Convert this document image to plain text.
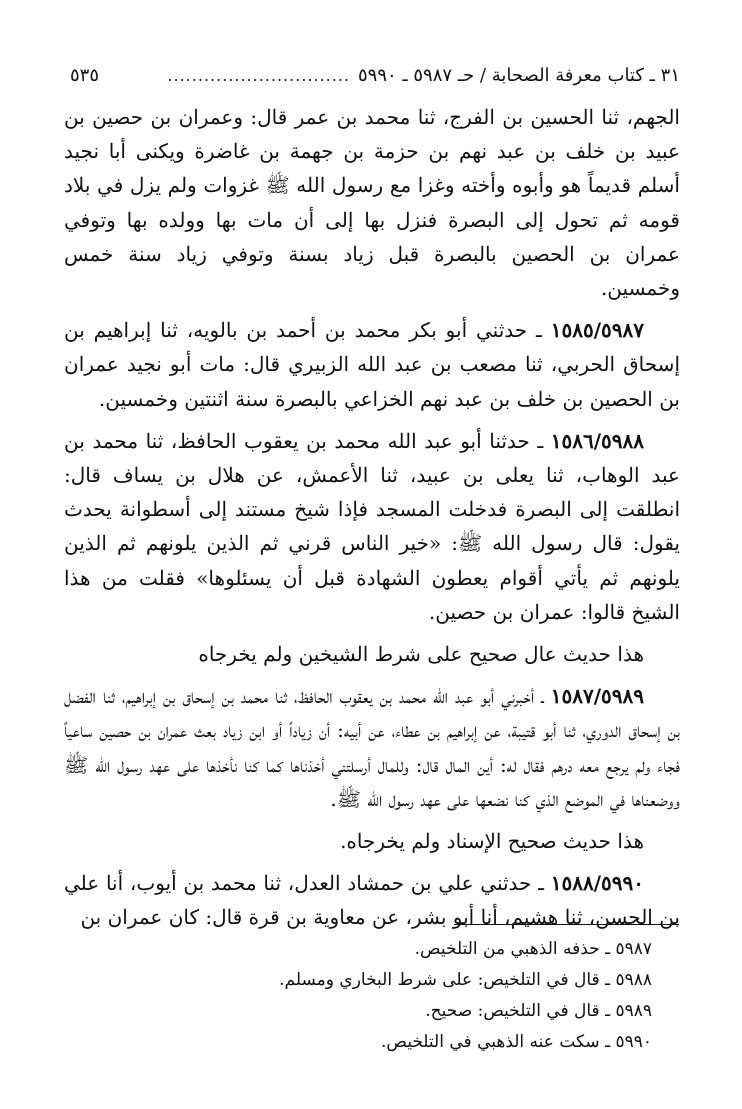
٣١ ـ كتاب معرفة الصحابة / حـ ٥٩٨٧ ـ ٥٩٩٠
..............................
٥٣٥

الجهم، ثنا الحسين بن الفرج، ثنا محمد بن عمر قال: وعمران بن حصين بن عبيد بن خلف بن عبد نهم بن حزمة بن جهمة بن غاضرة ويكنى أبا نجيد أسلم قديماً هو وأبوه وأخته وغزا مع رسول الله ﷺ غزوات ولم يزل في بلاد قومه ثم تحول إلى البصرة فنزل بها إلى أن مات بها وولده بها وتوفي عمران بن الحصين بالبصرة قبل زياد بسنة وتوفي زياد سنة خمس وخمسين.

١٥٨٥/٥٩٨٧ ـ حدثني أبو بكر محمد بن أحمد بن بالويه، ثنا إبراهيم بن إسحاق الحربي، ثنا مصعب بن عبد الله الزبيري قال: مات أبو نجيد عمران بن الحصين بن خلف بن عبد نهم الخزاعي بالبصرة سنة اثنتين وخمسين.

١٥٨٦/٥٩٨٨ ـ حدثنا أبو عبد الله محمد بن يعقوب الحافظ، ثنا محمد بن عبد الوهاب، ثنا يعلى بن عبيد، ثنا الأعمش، عن هلال بن يساف قال: انطلقت إلى البصرة فدخلت المسجد فإذا شيخ مستند إلى أسطوانة يحدث يقول: قال رسول الله ﷺ: «خير الناس قرني ثم الذين يلونهم ثم الذين يلونهم ثم يأتي أقوام يعطون الشهادة قبل أن يسئلوها» فقلت من هذا الشيخ قالوا: عمران بن حصين.

هذا حديث عال صحيح على شرط الشيخين ولم يخرجاه

١٥٨٧/٥٩٨٩ ـ أخبرني أبو عبد الله محمد بن يعقوب الحافظ، ثنا محمد بن إسحاق بن إبراهيم، ثنا الفضل بن إسحاق الدوري، ثنا أبو قتيبة، عن إبراهيم بن عطاء، عن أبيه: أن زياداً أو ابن زياد بعث عمران بن حصين ساعياً فجاء ولم يرجع معه درهم فقال له: أين المال قال: وللمال أرسلتني أخذناها كما كنا نأخذها على عهد رسول الله ﷺ ووضعناها في الموضع الذي كنا نضعها على عهد رسول الله ﷺ.

هذا حديث صحيح الإسناد ولم يخرجاه.

١٥٨٨/٥٩٩٠ ـ حدثني علي بن حمشاد العدل، ثنا محمد بن أيوب، أنا علي بن الحسن، ثنا هشيم، أنا أبو بشر، عن معاوية بن قرة قال: كان عمران بن

٥٩٨٧ ـ حذفه الذهبي من التلخيص.
٥٩٨٨ ـ قال في التلخيص: على شرط البخاري ومسلم.
٥٩٨٩ ـ قال في التلخيص: صحيح.
٥٩٩٠ ـ سكت عنه الذهبي في التلخيص.
